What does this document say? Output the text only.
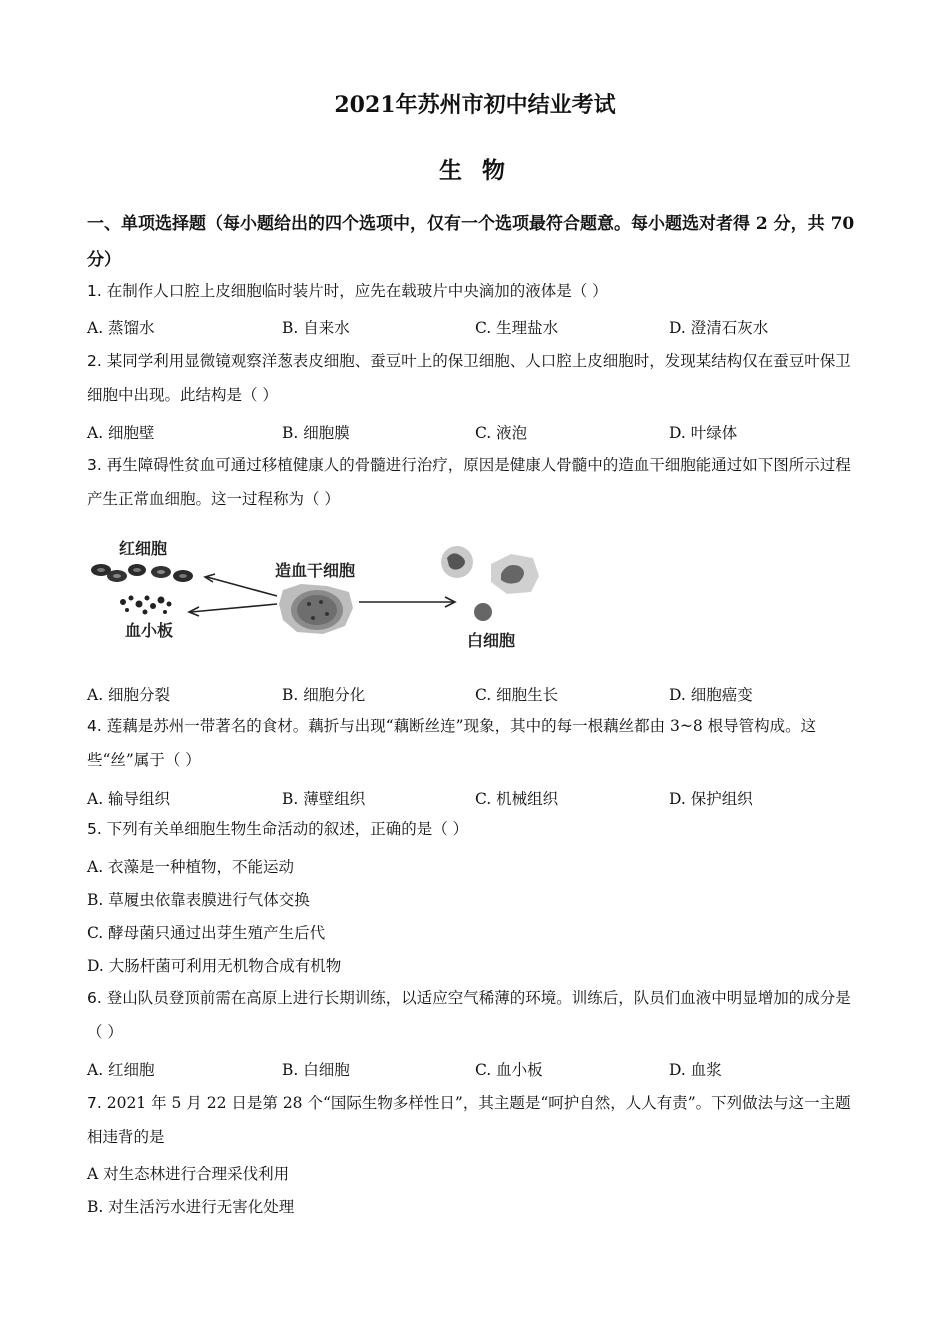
2021年苏州市初中结业考试
生 物
一、单项选择题（每小题给出的四个选项中，仅有一个选项最符合题意。每小题选对者得 2 分，共 70 分）
1. 在制作人口腔上皮细胞临时装片时，应先在载玻片中央滴加的液体是（ ）
A. 蒸馏水	B. 自来水	C. 生理盐水	D. 澄清石灰水
2. 某同学利用显微镜观察洋葱表皮细胞、蚕豆叶上的保卫细胞、人口腔上皮细胞时，发现某结构仅在蚕豆叶保卫细胞中出现。此结构是（ ）
A. 细胞壁	B. 细胞膜	C. 液泡	D. 叶绿体
3. 再生障碍性贫血可通过移植健康人的骨髓进行治疗，原因是健康人骨髓中的造血干细胞能通过如下图所示过程产生正常血细胞。这一过程称为（ ）
红细胞
血小板
造血干细胞
白细胞
A. 细胞分裂	B. 细胞分化	C. 细胞生长	D. 细胞癌变
4. 莲藕是苏州一带著名的食材。藕折与出现“藕断丝连”现象，其中的每一根藕丝都由 3~8 根导管构成。这些“丝”属于（ ）
A. 输导组织	B. 薄壁组织	C. 机械组织	D. 保护组织
5. 下列有关单细胞生物生命活动的叙述，正确的是（ ）
A. 衣藻是一种植物，不能运动
B. 草履虫依靠表膜进行气体交换
C. 酵母菌只通过出芽生殖产生后代
D. 大肠杆菌可利用无机物合成有机物
6. 登山队员登顶前需在高原上进行长期训练，以适应空气稀薄的环境。训练后，队员们血液中明显增加的成分是（ ）
A. 红细胞	B. 白细胞	C. 血小板	D. 血浆
7. 2021 年 5 月 22 日是第 28 个“国际生物多样性日”，其主题是“呵护自然，人人有责”。下列做法与这一主题相违背的是
A 对生态林进行合理采伐利用
B. 对生活污水进行无害化处理
